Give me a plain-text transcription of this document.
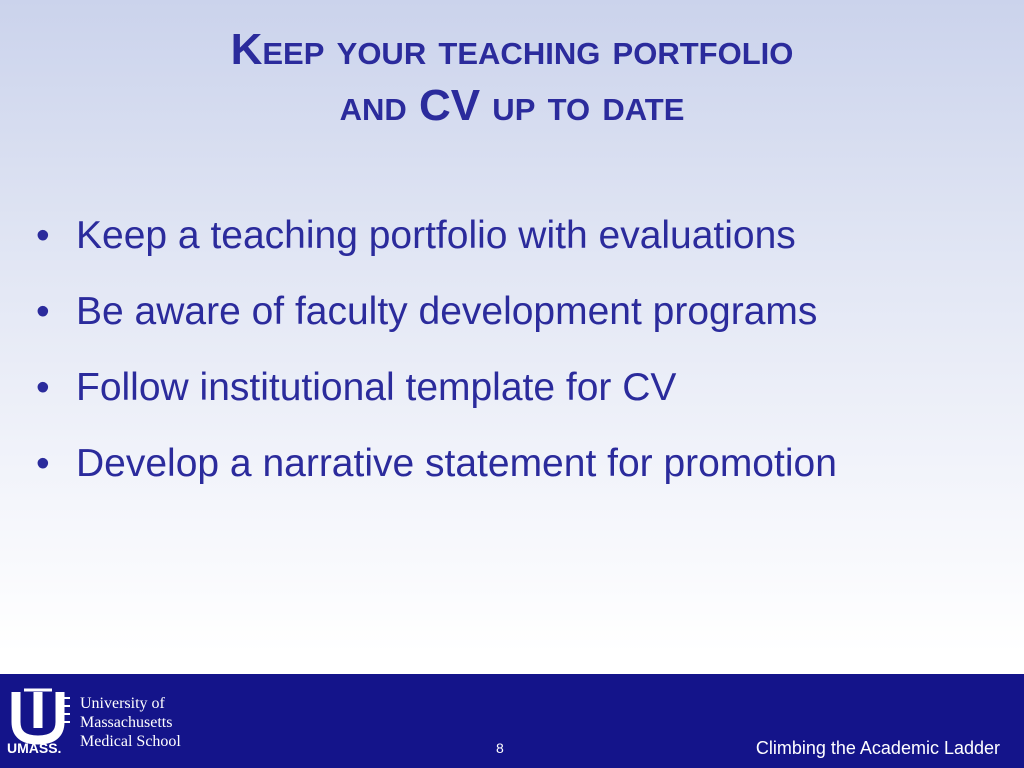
Keep your teaching portfolio
and CV up to date
• Keep a teaching portfolio with evaluations
• Be aware of faculty development programs
• Follow institutional template for CV
• Develop a narrative statement for promotion
UMASS.
University of
Massachusetts
Medical School	8	Climbing the Academic Ladder
